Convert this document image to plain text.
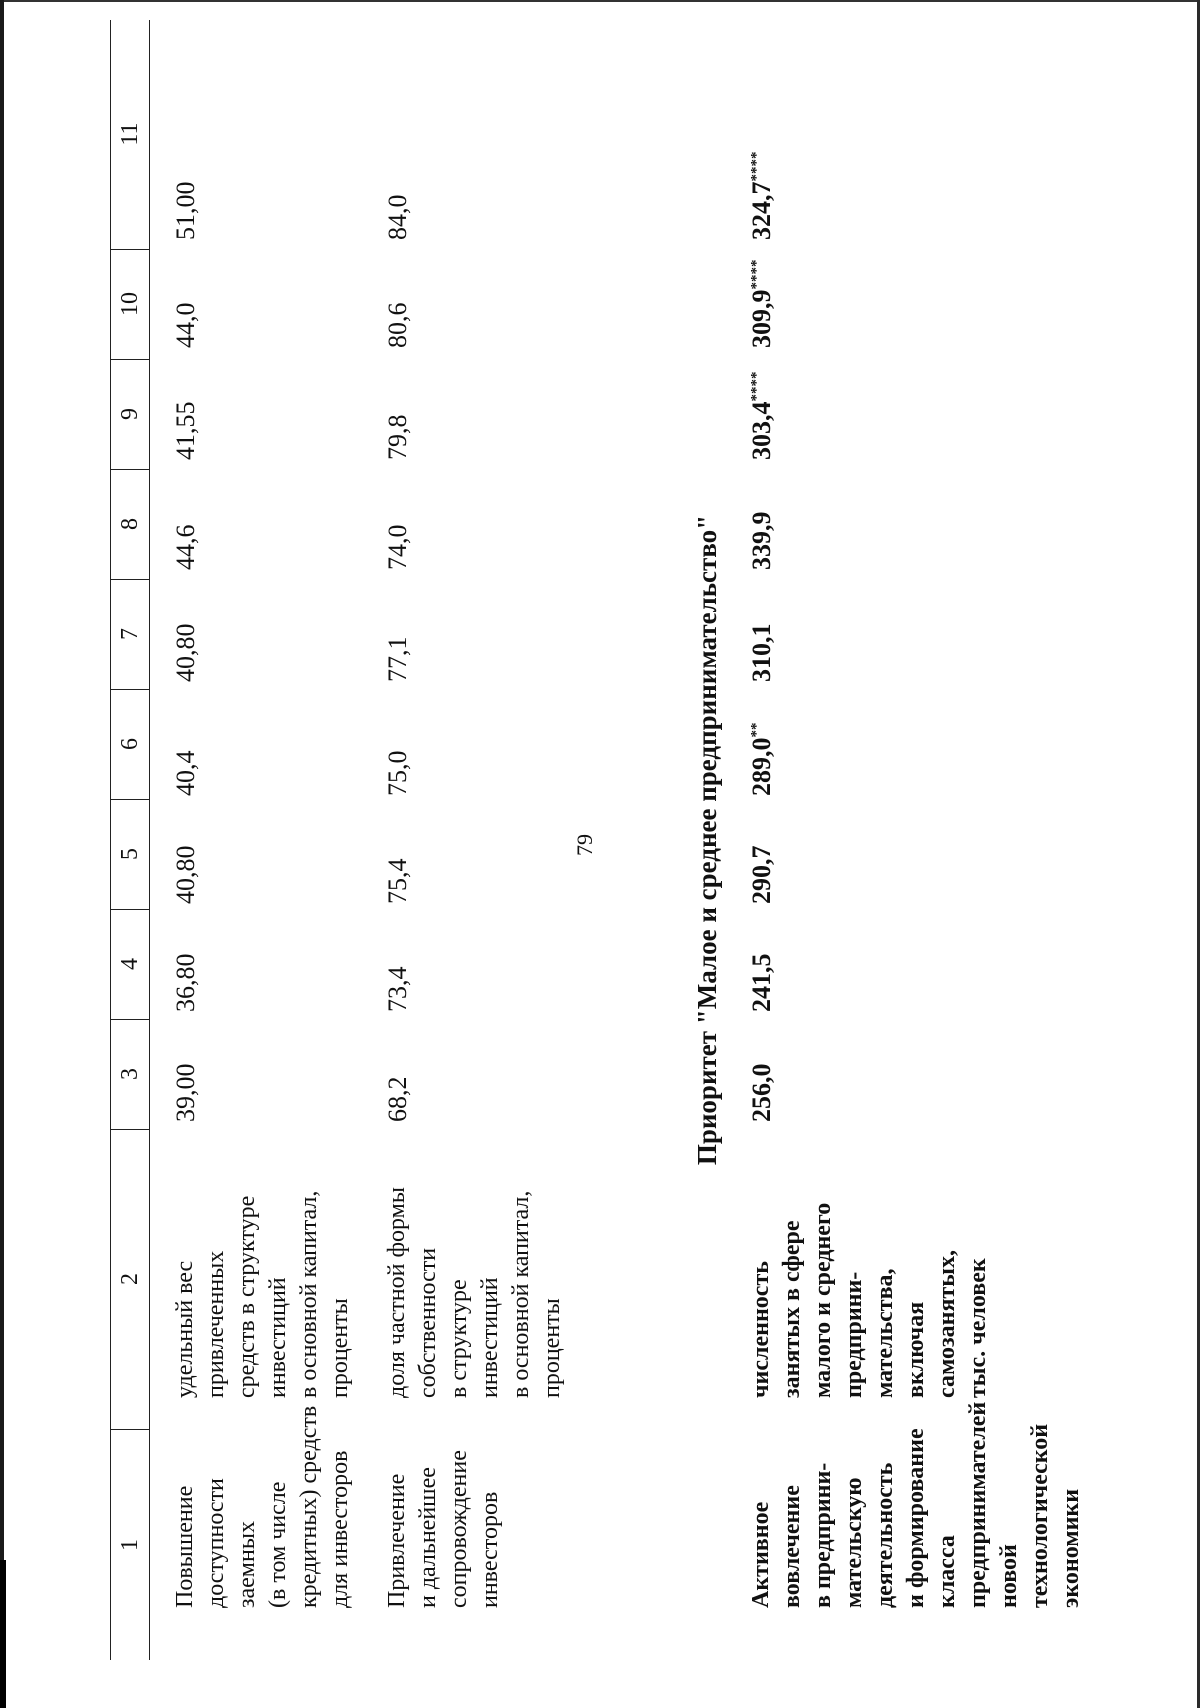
79
1
2
3
4
5
6
7
8
9
10
11
Повышение доступности заемных (в том числе кредитных) средств для инвесторов
удельный вес привлеченных средств в структуре инвестиций в основной капитал, проценты
39,00
36,80
40,80
40,4
40,80
44,6
41,55
44,0
51,00
Привлечение и дальнейшее сопровождение инвесторов
доля частной формы собственности в структуре инвестиций в основной капитал, проценты
68,2
73,4
75,4
75,0
77,1
74,0
79,8
80,6
84,0
Активное вовлечение в предприни- мательскую деятельность и формирование класса предпринимателей новой технологической экономики
численность занятых в сфере малого и среднего предприни- мательства, включая самозанятых, тыс. человек
256,0
241,5
290,7
289,0**
310,1
339,9
303,4****
309,9****
324,7****
Приоритет "Малое и среднее предпринимательство"
